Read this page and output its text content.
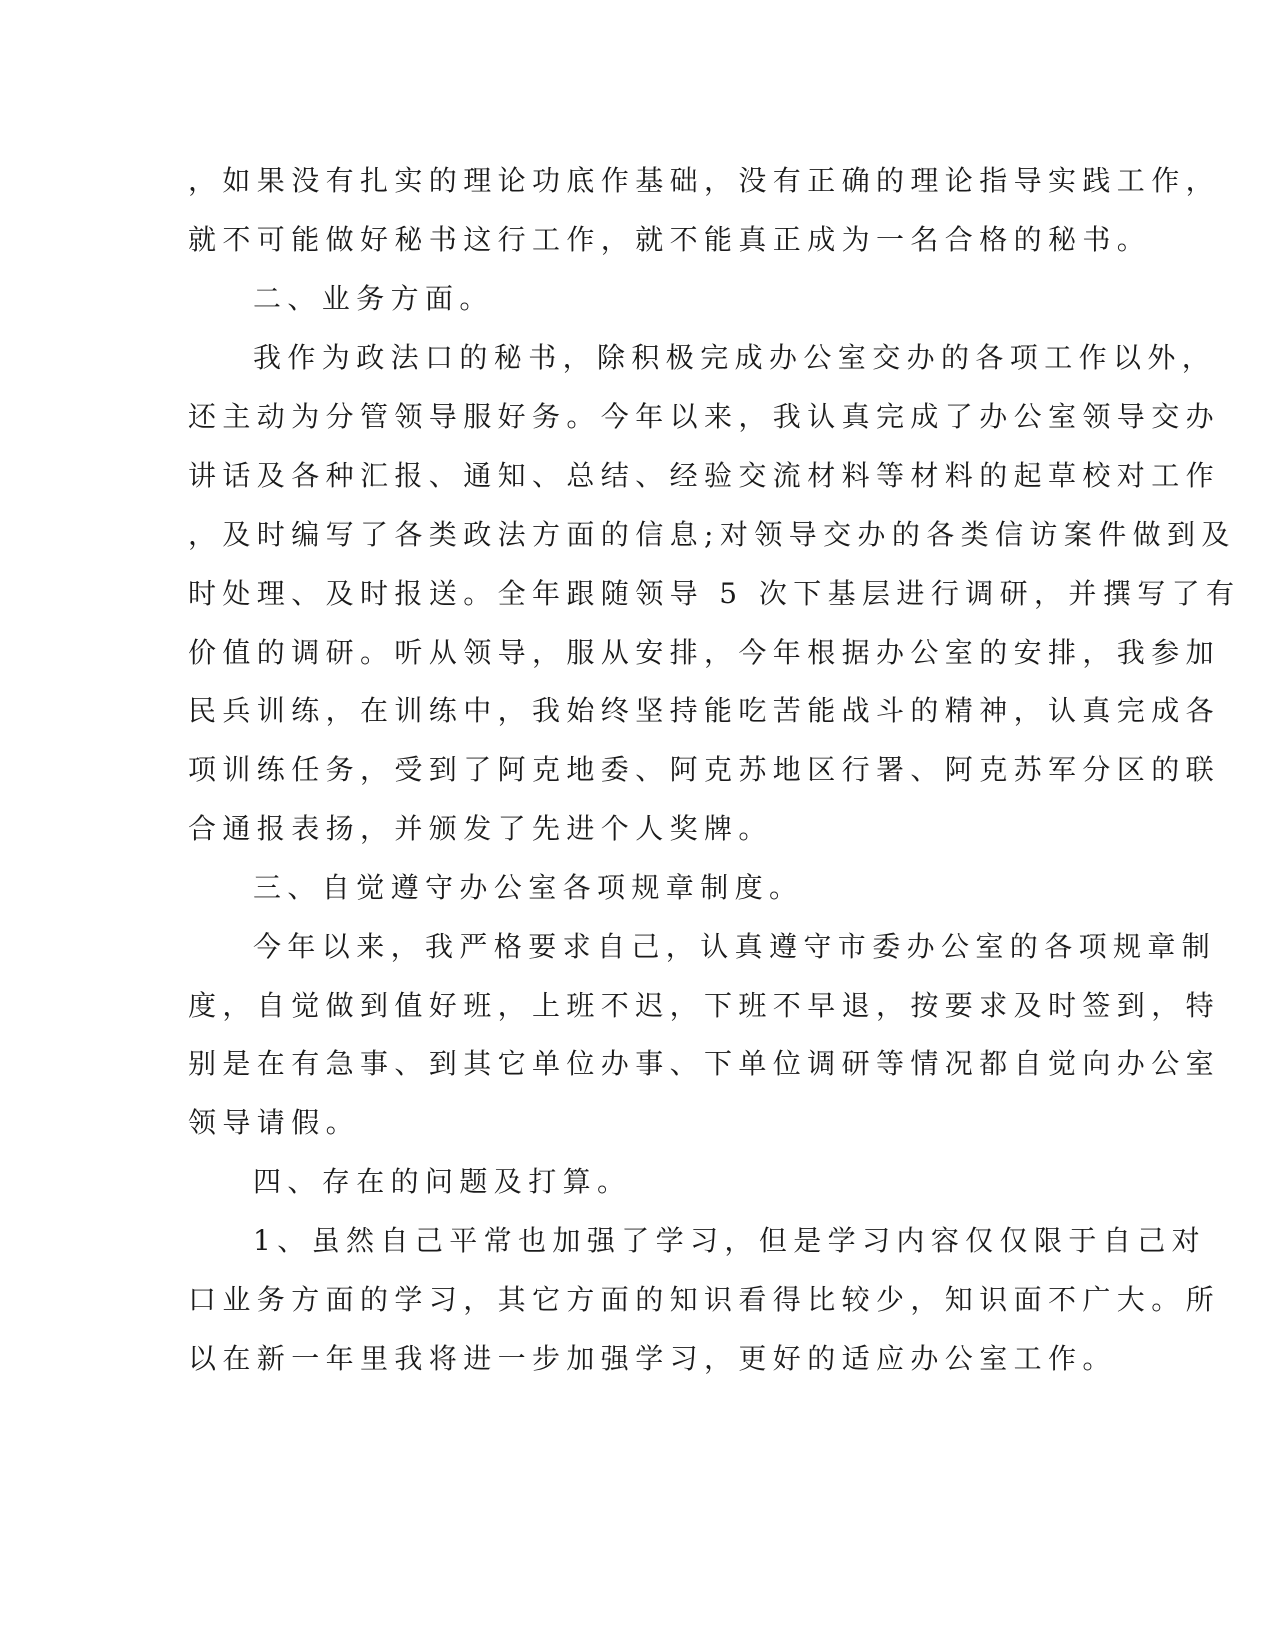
，如果没有扎实的理论功底作基础，没有正确的理论指导实践工作，
就不可能做好秘书这行工作，就不能真正成为一名合格的秘书。
二、业务方面。
我作为政法口的秘书，除积极完成办公室交办的各项工作以外，
还主动为分管领导服好务。今年以来，我认真完成了办公室领导交办
讲话及各种汇报、通知、总结、经验交流材料等材料的起草校对工作
，及时编写了各类政法方面的信息;对领导交办的各类信访案件做到及
时处理、及时报送。全年跟随领导 5 次下基层进行调研，并撰写了有
价值的调研。听从领导，服从安排，今年根据办公室的安排，我参加
民兵训练，在训练中，我始终坚持能吃苦能战斗的精神，认真完成各
项训练任务，受到了阿克地委、阿克苏地区行署、阿克苏军分区的联
合通报表扬，并颁发了先进个人奖牌。
三、自觉遵守办公室各项规章制度。
今年以来，我严格要求自己，认真遵守市委办公室的各项规章制
度，自觉做到值好班，上班不迟，下班不早退，按要求及时签到，特
别是在有急事、到其它单位办事、下单位调研等情况都自觉向办公室
领导请假。
四、存在的问题及打算。
1、虽然自己平常也加强了学习，但是学习内容仅仅限于自己对
口业务方面的学习，其它方面的知识看得比较少，知识面不广大。所
以在新一年里我将进一步加强学习，更好的适应办公室工作。
